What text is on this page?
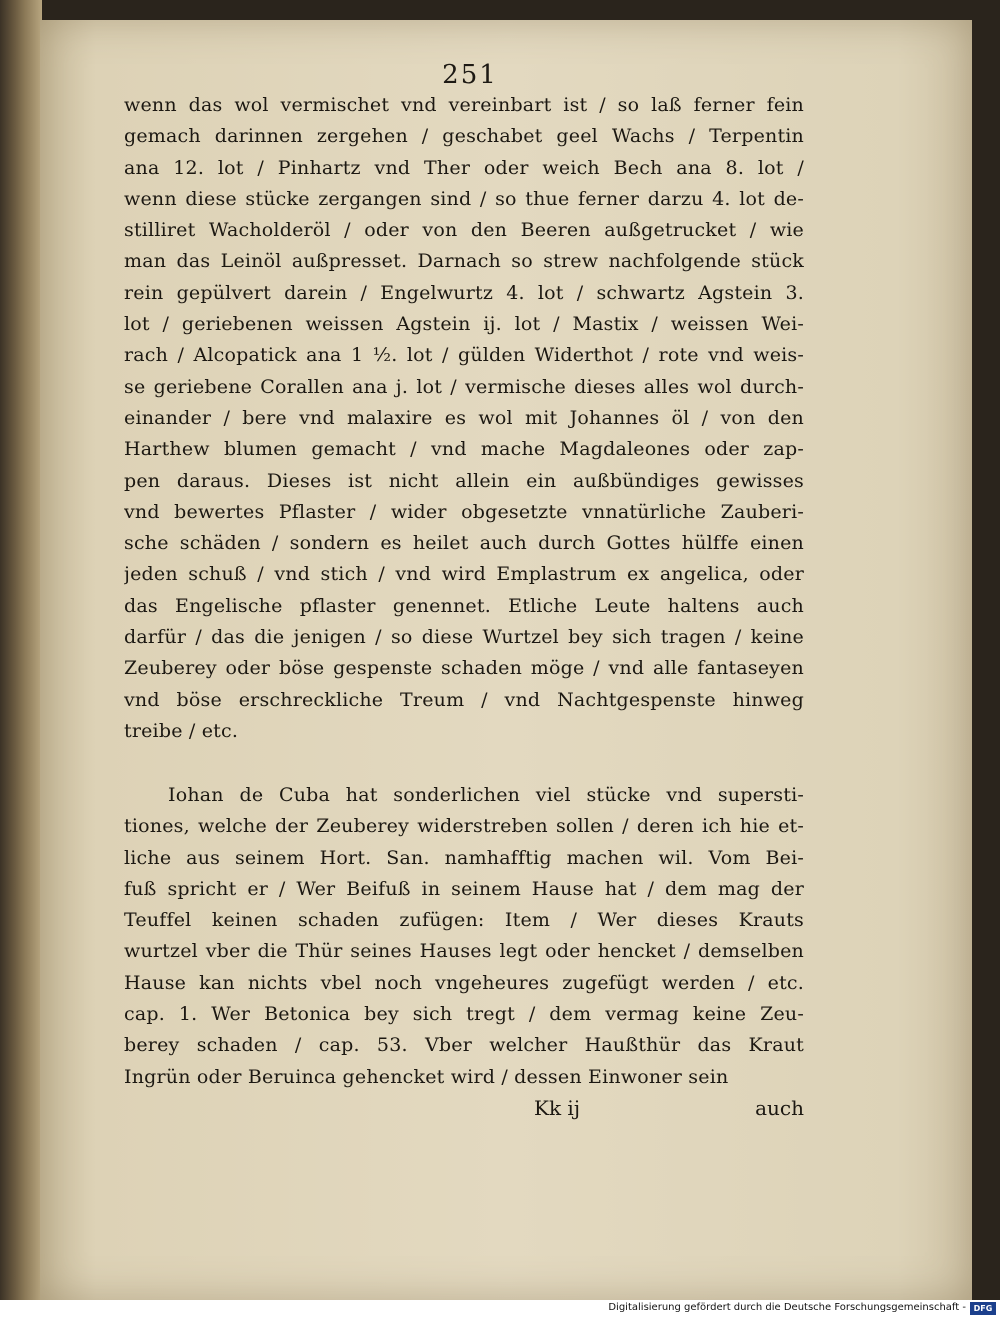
251
wenn das wol vermischet vnd vereinbart ist / so laß ferner fein
gemach darinnen zergehen / geschabet geel Wachs / Terpentin
ana 12. lot / Pinhartz vnd Ther oder weich Bech ana 8. lot /
wenn diese stücke zergangen sind / so thue ferner darzu 4. lot de-
stilliret Wacholderöl / oder von den Beeren außgetrucket / wie
man das Leinöl außpresset. Darnach so strew nachfolgende stück
rein gepülvert darein / Engelwurtz 4. lot / schwartz Agstein 3.
lot / geriebenen weissen Agstein ij. lot / Mastix / weissen Wei-
rach / Alcopatick ana 1 ½. lot / gülden Widerthot / rote vnd weis-
se geriebene Corallen ana j. lot / vermische dieses alles wol durch-
einander / bere vnd malaxire es wol mit Johannes öl / von den
Harthew blumen gemacht / vnd mache Magdaleones oder zap-
pen daraus. Dieses ist nicht allein ein außbündiges gewisses
vnd bewertes Pflaster / wider obgesetzte vnnatürliche Zauberi-
sche schäden / sondern es heilet auch durch Gottes hülffe einen
jeden schuß / vnd stich / vnd wird Emplastrum ex angelica, oder
das Engelische pflaster genennet. Etliche Leute haltens auch
darfür / das die jenigen / so diese Wurtzel bey sich tragen / keine
Zeuberey oder böse gespenste schaden möge / vnd alle fantaseyen
vnd böse erschreckliche Treum / vnd Nachtgespenste hinweg
treibe / etc.
Iohan de Cuba hat sonderlichen viel stücke vnd supersti-
tiones, welche der Zeuberey widerstreben sollen / deren ich hie et-
liche aus seinem Hort. San. namhafftig machen wil. Vom Bei-
fuß spricht er / Wer Beifuß in seinem Hause hat / dem mag der
Teuffel keinen schaden zufügen: Item / Wer dieses Krauts
wurtzel vber die Thür seines Hauses legt oder hencket / demselben
Hause kan nichts vbel noch vngeheures zugefügt werden / etc.
cap. 1. Wer Betonica bey sich tregt / dem vermag keine Zeu-
berey schaden / cap. 53. Vber welcher Haußthür das Kraut
Ingrün oder Beruinca gehencket wird / dessen Einwoner sein
Kk ij	auch
Digitalisierung gefördert durch die Deutsche Forschungsgemeinschaft - DFG
